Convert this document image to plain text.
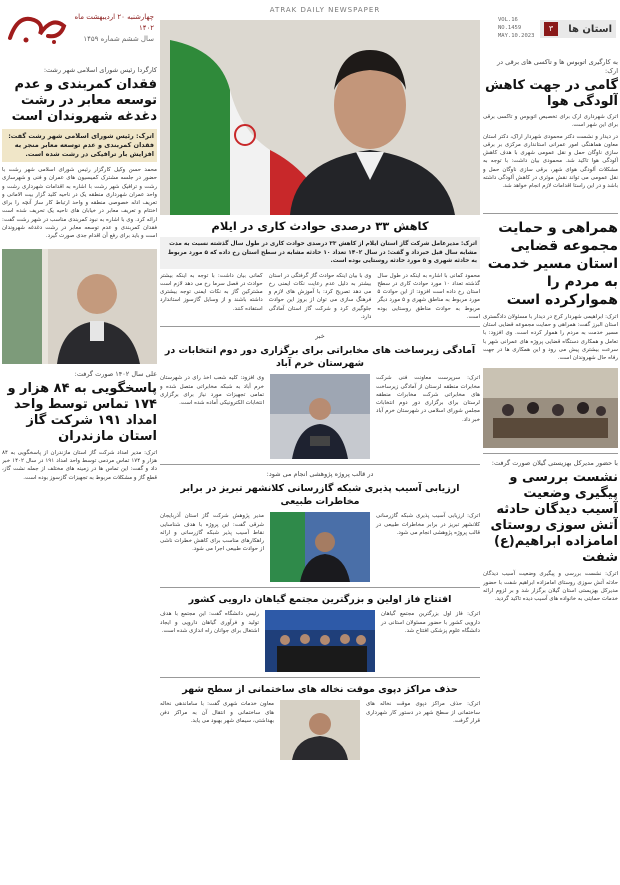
چهارشنبه ۲۰ اردیبهشت ماه ۱۴۰۲
سال ششم شماره ۱۴۵۹
ATRAK DAILY NEWSPAPER
VOL.16 NO.1459
MAY.10.2023
۳	استان ها
به کارگیری اتوبوس ها و تاکسی های برقی در ارک:
گامی در جهت کاهش آلودگی هوا
اترک شهرداری ارک برای تخصیص اتوبوس و تاکسی برقی برای این شهر است.
در دیدار و نشست دکتر محمودی شهردار اراک، دکتر استان معاون هماهنگی امور عمرانی استانداری مرکزی بر برقی سازی ناوگان حمل و نقل عمومی شهری با هدف کاهش آلودگی هوا تاکید شد. محمودی بیان داشت: با توجه به مشکلات آلودگی هوای شهر، برقی سازی ناوگان حمل و نقل عمومی می تواند نقش موثری در کاهش آلودگی داشته باشد و در این راستا اقدامات لازم انجام خواهد شد.
همراهی و حمایت مجموعه قضایی استان مسیر خدمت به مردم را هموارکرده است
اترک: ابراهیمی شهردار کرج در دیدار با مسئولان دادگستری استان البرز گفت: همراهی و حمایت مجموعه قضایی استان مسیر خدمت به مردم را هموار کرده است. وی افزود: با تعامل و همکاری دستگاه قضایی پروژه های عمرانی شهر با سرعت بیشتری پیش می رود و این همکاری ها در جهت رفاه حال شهروندان است.
با حضور مدیرکل بهزیستی گیلان صورت گرفت:
نشست بررسی و پیگیری وضعیت آسیب دیدگان حادثه آتش سوزی روستای امامزاده ابراهیم(ع) شفت
اترک: نشست بررسی و پیگیری وضعیت آسیب دیدگان حادثه آتش سوزی روستای امامزاده ابراهیم شفت با حضور مدیرکل بهزیستی استان گیلان برگزار شد و بر لزوم ارائه خدمات حمایتی به خانواده های آسیب دیده تاکید گردید.
کارگردا رئیس شورای اسلامی شهر رشت:
فقدان کمربندی و عدم توسعه معابر در رشت دغدغه شهروندان است
اترک: رئیس شورای اسلامی شهر رشت گفت: فقدان کمربندی و عدم توسعه معابر منجر به افزایش بار ترافیکی در رشت شده است.
محمد حسن وکیل کارگزار رئیس شورای اسلامی شهر رشت با حضور در جلسه مشترک کمیسیون های عمران و فنی و شهرسازی رشت و ترافیک شهر رشت با اشاره به اقدامات شهرداری رشت و واحد عمران شهرداری منطقه یک در ناحیه کلید گزار بیت الامانی و تعریف ادله خصوصی منطقه و واحد ارتباط کار ساز آنچه را برای اختتام و تعریف معابر در خیابان های ناحیه یک تحریف شده است ارائه کرد. وی با اشاره به نبود کمربندی مناسب در شهر رشت گفت: فقدان کمربندی و عدم توسعه معابر در رشت دغدغه شهروندان است و باید برای رفع آن اقدام جدی صورت گیرد.
علی سال ۱۴۰۲ صورت گرفت:
پاسخگویی به ۸۴ هزار و ۱۷۴ تماس توسط واحد امداد ۱۹۱ شرکت گاز استان مازندران
اترک: مدیر امداد شرکت گاز استان مازندران از پاسخگویی به ۸۴ هزار و ۱۷۴ تماس مردمی توسط واحد امداد ۱۹۱ در سال ۱۴۰۲ خبر داد و گفت: این تماس ها در زمینه های مختلف از جمله نشت گاز، قطع گاز و مشکلات مربوط به تجهیزات گازسوز بوده است.
کاهش ۳۳ درصدی حوادث کاری در ایلام
اترک: مدیرعامل شرکت گاز استان ایلام از کاهش ۳۳ درصدی حوادث کاری در طول سال گذشته نسبت به مدت مشابه سال قبل خبرداد و گفت: در سال ۱۴۰۲ تعداد ۱۰ حادثه مشابه در سطح استان رخ داده که ۵ مورد مربوط به حادثه شهری و ۵ مورد حادثه روستایی بوده است.
محمود کمانی با اشاره به اینکه در طول سال گذشته تعداد ۱۰ مورد حوادث کاری در سطح استان رخ داده است افزود: از این حوادث ۵ مورد مربوط به مناطق شهری و ۵ مورد دیگر مربوط به حوادث مناطق روستایی بوده است.
وی با بیان اینکه حوادث گاز گرفتگی در استان بیشتر به دلیل عدم رعایت نکات ایمنی رخ می دهد تصریح کرد: با آموزش های لازم و فرهنگ سازی می توان از بروز این حوادث جلوگیری کرد و شرکت گاز استان آمادگی دارد.
کمانی بیان داشت: با توجه به اینکه بیشتر حوادث در فصل سرما رخ می دهد لازم است مشترکین گاز به نکات ایمنی توجه بیشتری داشته باشند و از وسایل گازسوز استاندارد استفاده کنند.
خبر
آمادگی زیرساخت های مخابراتی برای برگزاری دور دوم انتخابات در شهرستان خرم آباد
اترک: سرپرست معاونت فنی شرکت مخابرات منطقه لرستان از آمادگی زیرساخت های مخابراتی شرکت مخابرات منطقه لرستان برای برگزاری دور دوم انتخابات مجلس شورای اسلامی در شهرستان خرم آباد خبر داد.
وی افزود: کلیه شعب اخذ رای در شهرستان خرم آباد به شبکه مخابراتی متصل شده و تمامی تجهیزات مورد نیاز برای برگزاری انتخابات الکترونیکی آماده شده است.
در قالب پروژه پژوهشی انجام می شود:
ارزیابی آسیب پذیری شبکه گازرسانی کلانشهر تبریز در برابر مخاطرات طبیعی
اترک: ارزیابی آسیب پذیری شبکه گازرسانی کلانشهر تبریز در برابر مخاطرات طبیعی در قالب پروژه پژوهشی انجام می شود.
مدیر پژوهش شرکت گاز استان آذربایجان شرقی گفت: این پروژه با هدف شناسایی نقاط آسیب پذیر شبکه گازرسانی و ارائه راهکارهای مناسب برای کاهش خطرات ناشی از حوادث طبیعی اجرا می شود.
افتتاح فاز اولین و بزرگترین مجتمع گیاهان دارویی کشور
اترک: فاز اول بزرگترین مجتمع گیاهان دارویی کشور با حضور مسئولان استانی در دانشگاه علوم پزشکی افتتاح شد.
رئیس دانشگاه گفت: این مجتمع با هدف تولید و فرآوری گیاهان دارویی و ایجاد اشتغال برای جوانان راه اندازی شده است.
حذف مراکز دپوی موقت نخاله های ساختمانی از سطح شهر
اترک: حذف مراکز دپوی موقت نخاله های ساختمانی از سطح شهر در دستور کار شهرداری قرار گرفت.
معاون خدمات شهری گفت: با ساماندهی نخاله های ساختمانی و انتقال آن به مراکز دفن بهداشتی، سیمای شهر بهبود می یابد.
